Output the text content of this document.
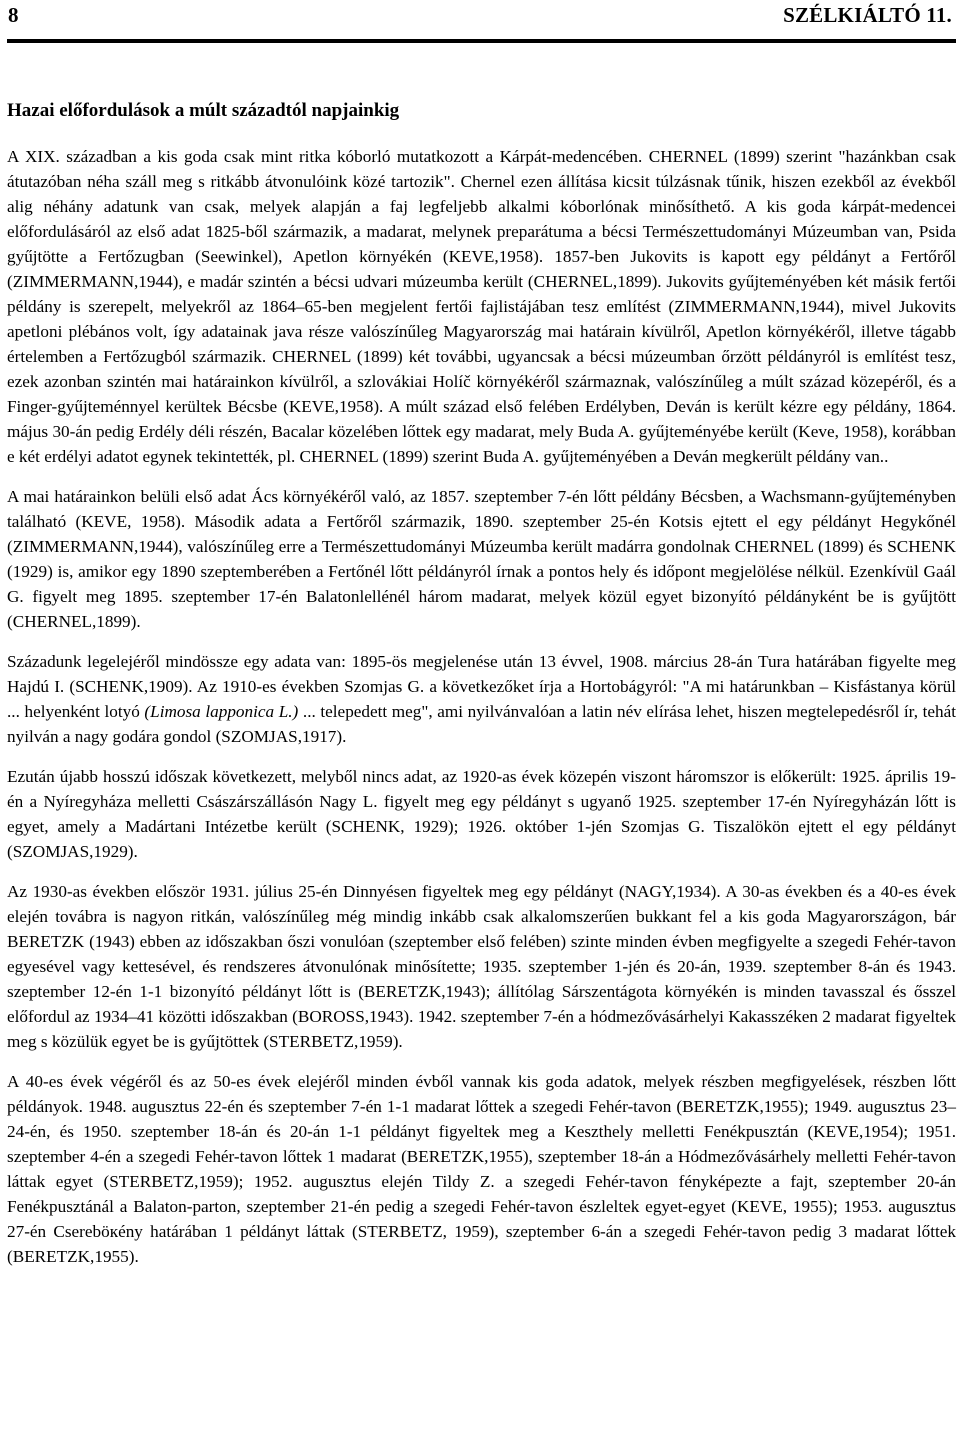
8	SZÉLKIÁLTÓ 11.
Hazai előfordulások a múlt századtól napjainkig

A XIX. században a kis goda csak mint ritka kóborló mutatkozott a Kárpát-medencében. CHERNEL (1899) szerint "hazánkban csak átutazóban néha száll meg s ritkább átvonulóink közé tartozik". Chernel ezen állítása kicsit túlzásnak tűnik, hiszen ezekből az évekből alig néhány adatunk van csak, melyek alapján a faj legfeljebb alkalmi kóborlónak minősíthető. A kis goda kárpát-medencei előfordulásáról az első adat 1825-ből származik, a madarat, melynek preparátuma a bécsi Természettudományi Múzeumban van, Psida gyűjtötte a Fertőzugban (Seewinkel), Apetlon környékén (KEVE,1958). 1857-ben Jukovits is kapott egy példányt a Fertőről (ZIMMERMANN,1944), e madár szintén a bécsi udvari múzeumba került (CHERNEL,1899). Jukovits gyűjteményében két másik fertői példány is szerepelt, melyekről az 1864–65-ben megjelent fertői fajlistájában tesz említést (ZIMMERMANN,1944), mivel Jukovits apetloni plébános volt, így adatainak java része valószínűleg Magyarország mai határain kívülről, Apetlon környékéről, illetve tágabb értelemben a Fertőzugból származik. CHERNEL (1899) két további, ugyancsak a bécsi múzeumban őrzött példányról is említést tesz, ezek azonban szintén mai határainkon kívülről, a szlovákiai Holíč környékéről származnak, valószínűleg a múlt század közepéről, és a Finger-gyűjteménnyel kerültek Bécsbe (KEVE,1958). A múlt század első felében Erdélyben, Deván is került kézre egy példány, 1864. május 30-án pedig Erdély déli részén, Bacalar közelében lőttek egy madarat, mely Buda A. gyűjteményébe került (Keve, 1958), korábban e két erdélyi adatot egynek tekintették, pl. CHERNEL (1899) szerint Buda A. gyűjteményében a Deván megkerült példány van..

A mai határainkon belüli első adat Ács környékéről való, az 1857. szeptember 7-én lőtt példány Bécsben, a Wachsmann-gyűjteményben található (KEVE, 1958). Második adata a Fertőről származik, 1890. szeptember 25-én Kotsis ejtett el egy példányt Hegykőnél (ZIMMERMANN,1944), valószínűleg erre a Természettudományi Múzeumba került madárra gondolnak CHERNEL (1899) és SCHENK (1929) is, amikor egy 1890 szeptemberében a Fertőnél lőtt példányról írnak a pontos hely és időpont megjelölése nélkül. Ezenkívül Gaál G. figyelt meg 1895. szeptember 17-én Balatonlellénél három madarat, melyek közül egyet bizonyító példányként be is gyűjtött (CHERNEL,1899).

Századunk legelejéről mindössze egy adata van: 1895-ös megjelenése után 13 évvel, 1908. március 28-án Tura határában figyelte meg Hajdú I. (SCHENK,1909). Az 1910-es években Szomjas G. a következőket írja a Hortobágyról: "A mi határunkban – Kisfástanya körül ... helyenként lotyó (Limosa lapponica L.) ... telepedett meg", ami nyilvánvalóan a latin név elírása lehet, hiszen megtelepedésről ír, tehát nyilván a nagy godára gondol (SZOMJAS,1917).

Ezután újabb hosszú időszak következett, melyből nincs adat, az 1920-as évek közepén viszont háromszor is előkerült: 1925. április 19-én a Nyíregyháza melletti Császárszállásón Nagy L. figyelt meg egy példányt s ugyanő 1925. szeptember 17-én Nyíregyházán lőtt is egyet, amely a Madártani Intézetbe került (SCHENK, 1929); 1926. október 1-jén Szomjas G. Tiszalökön ejtett el egy példányt (SZOMJAS,1929).

Az 1930-as években először 1931. július 25-én Dinnyésen figyeltek meg egy példányt (NAGY,1934). A 30-as években és a 40-es évek elején továbra is nagyon ritkán, valószínűleg még mindig inkább csak alkalomszerűen bukkant fel a kis goda Magyarországon, bár BERETZK (1943) ebben az időszakban őszi vonulóan (szeptember első felében) szinte minden évben megfigyelte a szegedi Fehér-tavon egyesével vagy kettesével, és rendszeres átvonulónak minősítette; 1935. szeptember 1-jén és 20-án, 1939. szeptember 8-án és 1943. szeptember 12-én 1-1 bizonyító példányt lőtt is (BERETZK,1943); állítólag Sárszentágota környékén is minden tavasszal és ősszel előfordul az 1934–41 közötti időszakban (BOROSS,1943). 1942. szeptember 7-én a hódmezővásárhelyi Kakasszéken 2 madarat figyeltek meg s közülük egyet be is gyűjtöttek (STERBETZ,1959).

A 40-es évek végéről és az 50-es évek elejéről minden évből vannak kis goda adatok, melyek részben megfigyelések, részben lőtt példányok. 1948. augusztus 22-én és szeptember 7-én 1-1 madarat lőttek a szegedi Fehér-tavon (BERETZK,1955); 1949. augusztus 23–24-én, és 1950. szeptember 18-án és 20-án 1-1 példányt figyeltek meg a Keszthely melletti Fenékpusztán (KEVE,1954); 1951. szeptember 4-én a szegedi Fehér-tavon lőttek 1 madarat (BERETZK,1955), szeptember 18-án a Hódmezővásárhely melletti Fehér-tavon láttak egyet (STERBETZ,1959); 1952. augusztus elején Tildy Z. a szegedi Fehér-tavon fényképezte a fajt, szeptember 20-án Fenékpusztánál a Balaton-parton, szeptember 21-én pedig a szegedi Fehér-tavon észleltek egyet-egyet (KEVE, 1955); 1953. augusztus 27-én Csereböкény határában 1 példányt láttak (STERBETZ, 1959), szeptember 6-án a szegedi Fehér-tavon pedig 3 madarat lőttek (BERETZK,1955).
